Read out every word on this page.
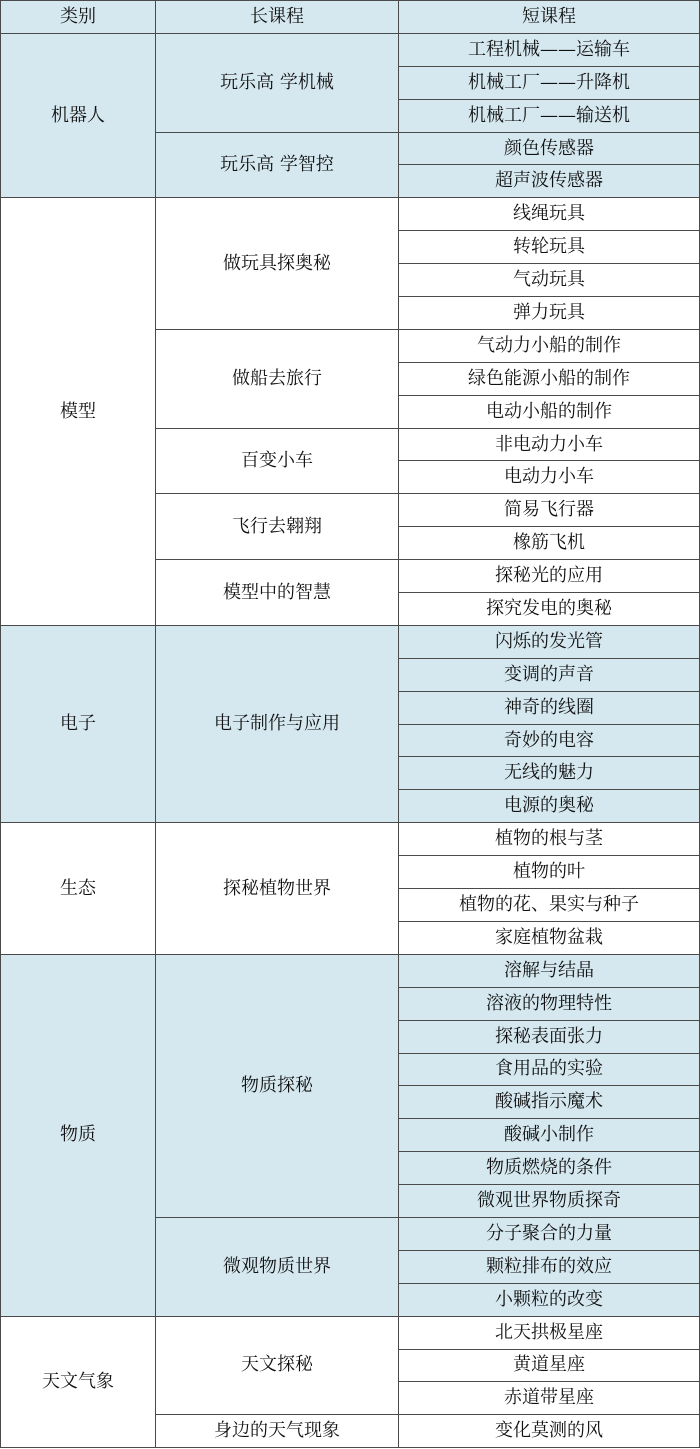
类别	长课程	短课程
机器人	玩乐高 学机械	工程机械——运输车
		机械工厂——升降机
		机械工厂——输送机
	玩乐高 学智控	颜色传感器
		超声波传感器
模型	做玩具探奥秘	线绳玩具
		转轮玩具
		气动玩具
		弹力玩具
	做船去旅行	气动力小船的制作
		绿色能源小船的制作
		电动小船的制作
	百变小车	非电动力小车
		电动力小车
	飞行去翱翔	简易飞行器
		橡筋飞机
	模型中的智慧	探秘光的应用
		探究发电的奥秘
电子	电子制作与应用	闪烁的发光管
		变调的声音
		神奇的线圈
		奇妙的电容
		无线的魅力
		电源的奥秘
生态	探秘植物世界	植物的根与茎
		植物的叶
		植物的花、果实与种子
		家庭植物盆栽
物质	物质探秘	溶解与结晶
		溶液的物理特性
		探秘表面张力
		食用品的实验
		酸碱指示魔术
		酸碱小制作
		物质燃烧的条件
		微观世界物质探奇
	微观物质世界	分子聚合的力量
		颗粒排布的效应
		小颗粒的改变
天文气象	天文探秘	北天拱极星座
		黄道星座
		赤道带星座
	身边的天气现象	变化莫测的风
